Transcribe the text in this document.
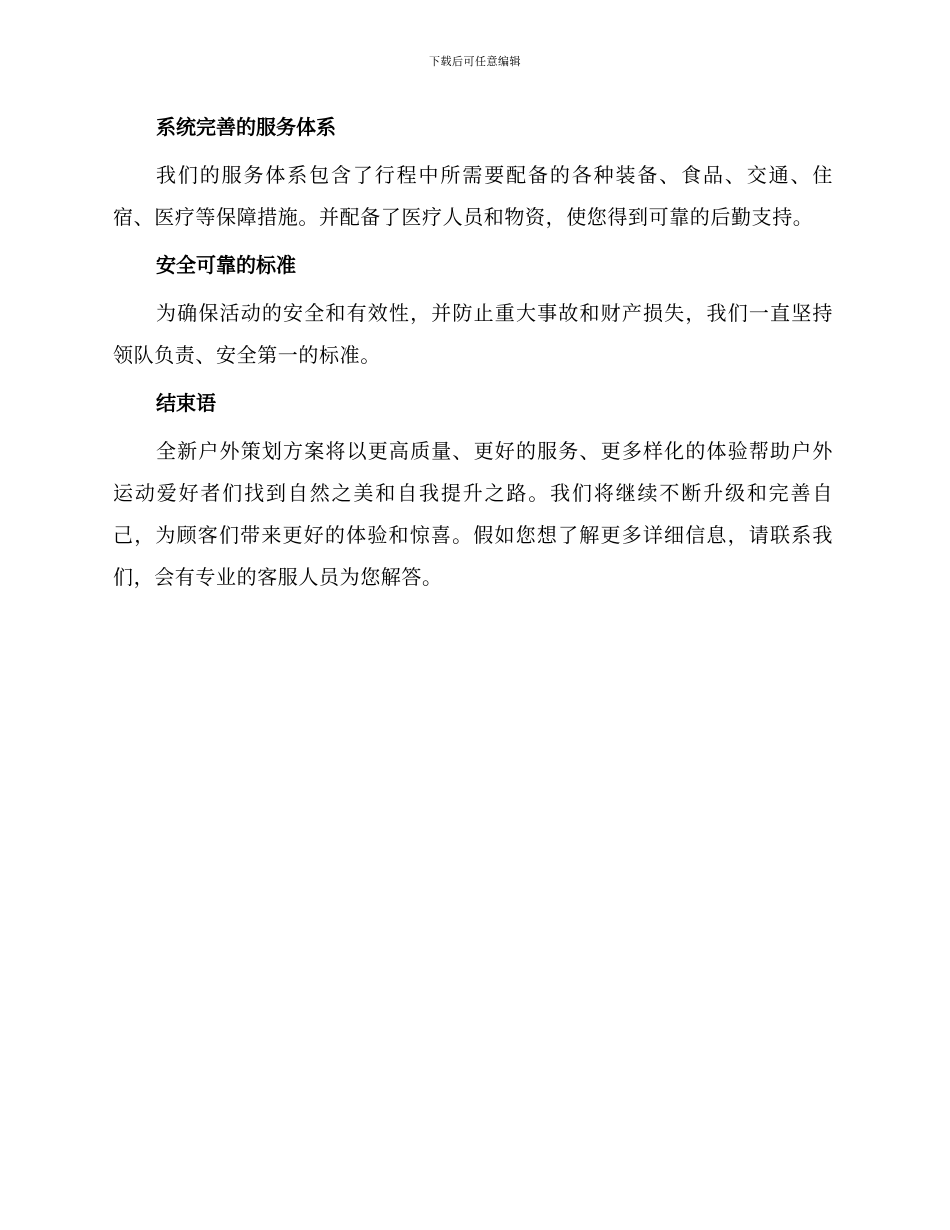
下载后可任意编辑
系统完善的服务体系

我们的服务体系包含了行程中所需要配备的各种装备、食品、交通、住宿、医疗等保障措施。并配备了医疗人员和物资，使您得到可靠的后勤支持。

安全可靠的标准

为确保活动的安全和有效性，并防止重大事故和财产损失，我们一直坚持领队负责、安全第一的标准。

结束语

全新户外策划方案将以更高质量、更好的服务、更多样化的体验帮助户外运动爱好者们找到自然之美和自我提升之路。我们将继续不断升级和完善自己，为顾客们带来更好的体验和惊喜。假如您想了解更多详细信息，请联系我们，会有专业的客服人员为您解答。
